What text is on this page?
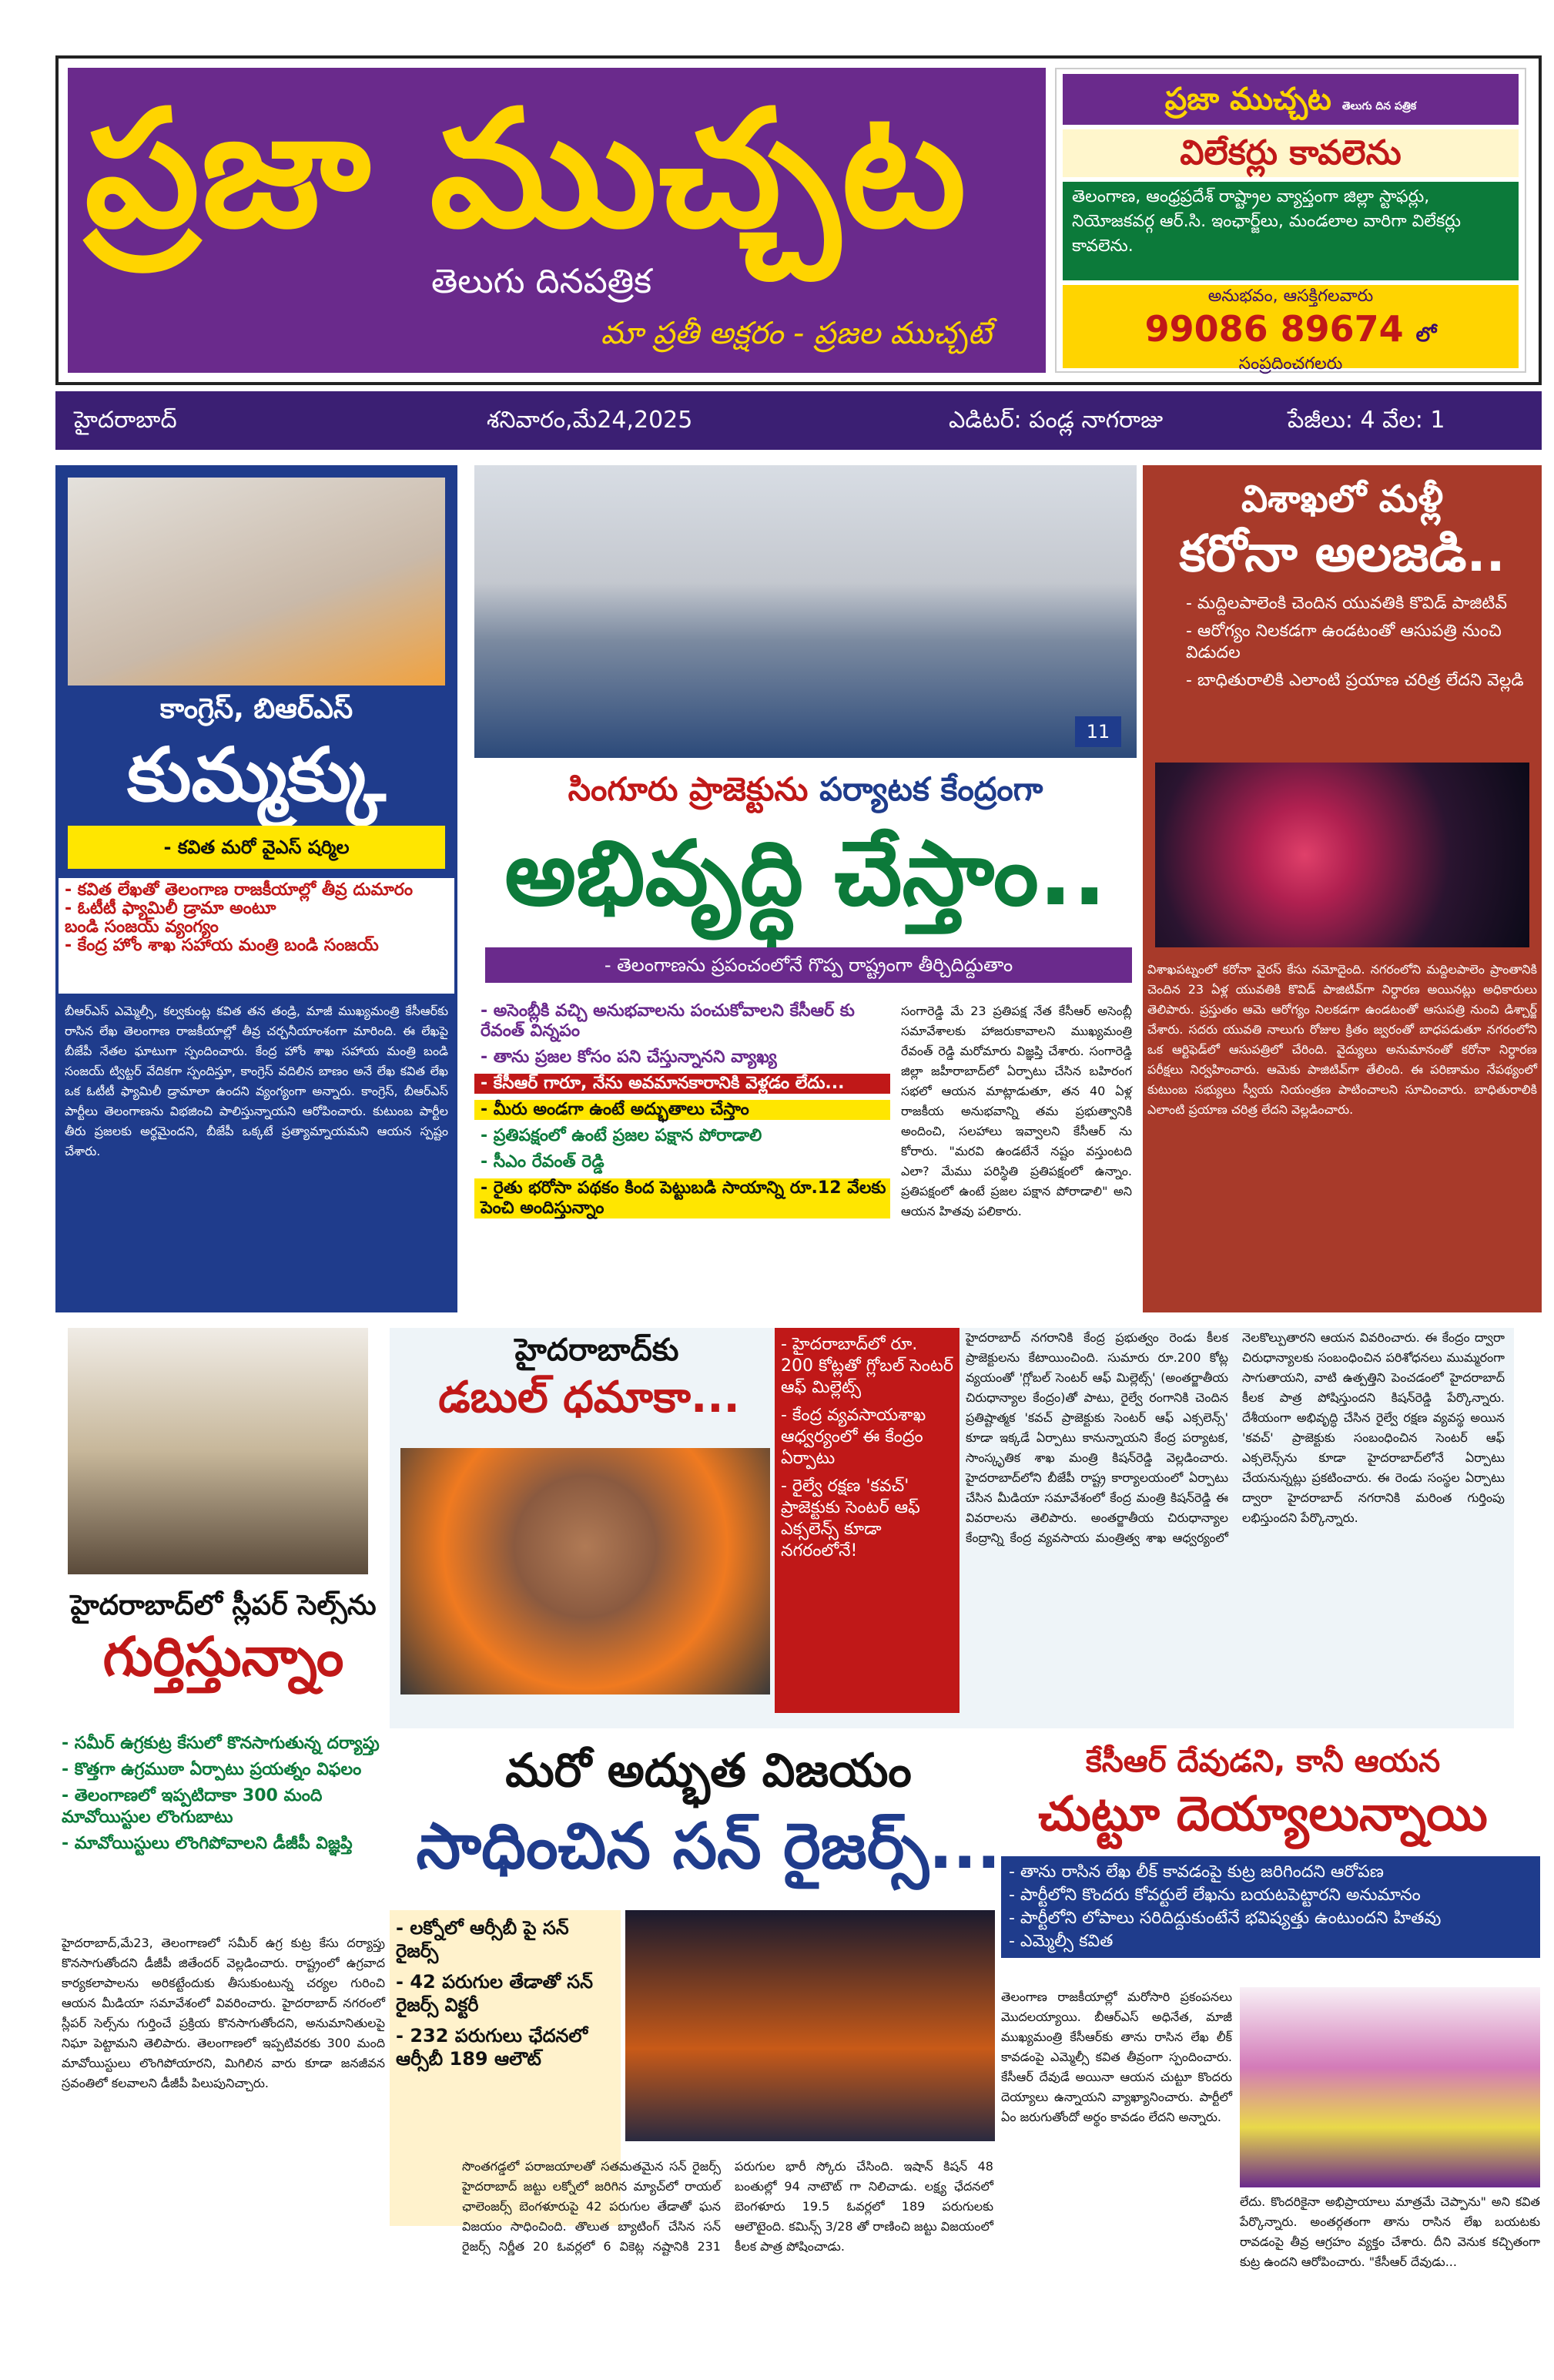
ప్రజా ముచ్చట
తెలుగు దినపత్రిక
మా ప్రతీ అక్షరం - ప్రజల ముచ్చటే
ప్రజా ముచ్చట తెలుగు దిన పత్రిక
విలేకర్లు కావలెను
తెలంగాణ, ఆంధ్రప్రదేశ్ రాష్ట్రాల వ్యాప్తంగా జిల్లా స్టాఫర్లు, నియోజకవర్గ ఆర్.సి. ఇంఛార్జ్‌లు, మండలాల వారిగా విలేకర్లు కావలెను.
అనుభవం, ఆసక్తిగలవారు
99086 89674 లో
సంప్రదించగలరు
హైదరాబాద్	శనివారం,మే24,2025	ఎడిటర్: పండ్ల నాగరాజు	పేజీలు: 4 వేల: 1
కాంగ్రెస్, బిఆర్ఎస్
కుమ్మక్కు
- కవిత మరో వైఎస్ షర్మిల
- కవిత లేఖతో తెలంగాణ రాజకీయాల్లో తీవ్ర దుమారం
- ఓటీటీ ఫ్యామిలీ డ్రామా అంటూ
బండి సంజయ్ వ్యంగ్యం
- కేంద్ర హోం శాఖ సహాయ మంత్రి బండి సంజయ్
బీఆర్ఎస్ ఎమ్మెల్సీ, కల్వకుంట్ల కవిత తన తండ్రి, మాజీ ముఖ్యమంత్రి కేసీఆర్‌కు రాసిన లేఖ తెలంగాణ రాజకీయాల్లో తీవ్ర చర్చనీయాంశంగా మారింది. ఈ లేఖపై బీజేపీ నేతల ఘాటుగా స్పందించారు. కేంద్ర హోం శాఖ సహాయ మంత్రి బండి సంజయ్ ట్విట్టర్ వేదికగా స్పందిస్తూ, కాంగ్రెస్ వదిలిన బాణం అనే లేఖ కవిత లేఖ ఒక ఓటీటీ ఫ్యామిలీ డ్రామాలా ఉందని వ్యంగ్యంగా అన్నారు. కాంగ్రెస్, బీఆర్ఎస్ పార్టీలు తెలంగాణను విభజించి పాలిస్తున్నాయని ఆరోపించారు. కుటుంబ పార్టీల తీరు ప్రజలకు అర్థమైందని, బీజేపీ ఒక్కటే ప్రత్యామ్నాయమని ఆయన స్పష్టం చేశారు.
11
సింగూరు ప్రాజెక్టును పర్యాటక కేంద్రంగా
అభివృద్ధి చేస్తాం..
- తెలంగాణను ప్రపంచంలోనే గొప్ప రాష్ట్రంగా తీర్చిదిద్దుతాం
- అసెంబ్లీకి వచ్చి అనుభవాలను పంచుకోవాలని కేసీఆర్ కు రేవంత్ విన్నపం
- తాను ప్రజల కోసం పని చేస్తున్నానని వ్యాఖ్య
- కేసీఆర్ గారూ, నేను అవమానకారానికి వెళ్లడం లేదు...
- మీరు అండగా ఉంటే అద్భుతాలు చేస్తాం
- ప్రతిపక్షంలో ఉంటే ప్రజల పక్షాన పోరాడాలి
- సీఎం రేవంత్ రెడ్డి
- రైతు భరోసా పథకం కింద పెట్టుబడి సాయాన్ని రూ.12 వేలకు పెంచి అందిస్తున్నాం
సంగారెడ్డి మే 23 ప్రతిపక్ష నేత కేసీఆర్ అసెంబ్లీ సమావేశాలకు హాజరుకావాలని ముఖ్యమంత్రి రేవంత్ రెడ్డి మరోమారు విజ్ఞప్తి చేశారు. సంగారెడ్డి జిల్లా జహీరాబాద్‌లో ఏర్పాటు చేసిన బహిరంగ సభలో ఆయన మాట్లాడుతూ, తన 40 ఏళ్ల రాజకీయ అనుభవాన్ని తమ ప్రభుత్వానికి అందించి, సలహాలు ఇవ్వాలని కేసీఆర్ ను కోరారు. "మరవి ఉండటేనే నష్టం వస్తుంటది ఎలా? మేము పరిస్థితి ప్రతిపక్షంలో ఉన్నాం. ప్రతిపక్షంలో ఉంటే ప్రజల పక్షాన పోరాడాలి" అని ఆయన హితవు పలికారు.
విశాఖలో మళ్లీ
కరోనా అలజడి..
- మద్దిలపాలెంకి చెందిన యువతికి కొవిడ్ పాజిటివ్
- ఆరోగ్యం నిలకడగా ఉండటంతో ఆసుపత్రి నుంచి విడుదల
- బాధితురాలికి ఎలాంటి ప్రయాణ చరిత్ర లేదని వెల్లడి
విశాఖపట్నంలో కరోనా వైరస్ కేసు నమోదైంది. నగరంలోని మద్దిలపాలెం ప్రాంతానికి చెందిన 23 ఏళ్ల యువతికి కొవిడ్ పాజిటివ్‌గా నిర్ధారణ అయినట్లు అధికారులు తెలిపారు. ప్రస్తుతం ఆమె ఆరోగ్యం నిలకడగా ఉండటంతో ఆసుపత్రి నుంచి డిశ్చార్జ్ చేశారు. సదరు యువతి నాలుగు రోజుల క్రితం జ్వరంతో బాధపడుతూ నగరంలోని ఒక ఆర్టిఫెడ్‌లో ఆసుపత్రిలో చేరింది. వైద్యులు అనుమానంతో కరోనా నిర్ధారణ పరీక్షలు నిర్వహించారు. ఆమెకు పాజిటివ్‌గా తేలింది. ఈ పరిణామం నేపథ్యంలో కుటుంబ సభ్యులు స్వీయ నియంత్రణ పాటించాలని సూచించారు. బాధితురాలికి ఎలాంటి ప్రయాణ చరిత్ర లేదని వెల్లడించారు.
హైదరాబాద్‌లో స్లీపర్ సెల్స్‌ను
గుర్తిస్తున్నాం
- సమీర్ ఉగ్రకుట్ర కేసులో కొనసాగుతున్న దర్యాప్తు
- కొత్తగా ఉగ్రముఠా ఏర్పాటు ప్రయత్నం విఫలం
- తెలంగాణలో ఇప్పటిదాకా 300 మంది మావోయిస్టుల లొంగుబాటు
- మావోయిస్టులు లొంగిపోవాలని డీజీపీ విజ్ఞప్తి
హైదరాబాద్,మే23, తెలంగాణలో సమీర్ ఉగ్ర కుట్ర కేసు దర్యాప్తు కొనసాగుతోందని డీజీపీ జితేందర్ వెల్లడించారు. రాష్ట్రంలో ఉగ్రవాద కార్యకలాపాలను అరికట్టేందుకు తీసుకుంటున్న చర్యల గురించి ఆయన మీడియా సమావేశంలో వివరించారు. హైదరాబాద్ నగరంలో స్లీపర్ సెల్స్‌ను గుర్తించే ప్రక్రియ కొనసాగుతోందని, అనుమానితులపై నిఘా పెట్టామని తెలిపారు. తెలంగాణలో ఇప్పటివరకు 300 మంది మావోయిస్టులు లొంగిపోయారని, మిగిలిన వారు కూడా జనజీవన స్రవంతిలో కలవాలని డీజీపీ పిలుపునిచ్చారు.
హైదరాబాద్‌కు
డబుల్ ధమాకా...
- హైదరాబాద్‌లో రూ. 200 కోట్లతో గ్లోబల్ సెంటర్ ఆఫ్ మిల్లెట్స్
- కేంద్ర వ్యవసాయశాఖ ఆధ్వర్యంలో ఈ కేంద్రం ఏర్పాటు
- రైల్వే రక్షణ 'కవచ్' ప్రాజెక్టుకు సెంటర్ ఆఫ్ ఎక్సలెన్స్ కూడా నగరంలోనే!
హైదరాబాద్ నగరానికి కేంద్ర ప్రభుత్వం రెండు కీలక ప్రాజెక్టులను కేటాయించింది. సుమారు రూ.200 కోట్ల వ్యయంతో 'గ్లోబల్ సెంటర్ ఆఫ్ మిల్లెట్స్' (అంతర్జాతీయ చిరుధాన్యాల కేంద్రం)తో పాటు, రైల్వే రంగానికి చెందిన ప్రతిష్టాత్మక 'కవచ్ ప్రాజెక్టుకు సెంటర్ ఆఫ్ ఎక్సలెన్స్' కూడా ఇక్కడే ఏర్పాటు కానున్నాయని కేంద్ర పర్యాటక, సాంస్కృతిక శాఖ మంత్రి కిషన్‌రెడ్డి వెల్లడించారు. హైదరాబాద్‌లోని బీజేపీ రాష్ట్ర కార్యాలయంలో ఏర్పాటు చేసిన మీడియా సమావేశంలో కేంద్ర మంత్రి కిషన్‌రెడ్డి ఈ వివరాలను తెలిపారు. అంతర్జాతీయ చిరుధాన్యాల కేంద్రాన్ని కేంద్ర వ్యవసాయ మంత్రిత్వ శాఖ ఆధ్వర్యంలో నెలకొల్పుతారని ఆయన వివరించారు. ఈ కేంద్రం ద్వారా చిరుధాన్యాలకు సంబంధించిన పరిశోధనలు ముమ్మరంగా సాగుతాయని, వాటి ఉత్పత్తిని పెంచడంలో హైదరాబాద్ కీలక పాత్ర పోషిస్తుందని కిషన్‌రెడ్డి పేర్కొన్నారు. దేశీయంగా అభివృద్ధి చేసిన రైల్వే రక్షణ వ్యవస్థ అయిన 'కవచ్' ప్రాజెక్టుకు సంబంధించిన సెంటర్ ఆఫ్ ఎక్సలెన్స్‌ను కూడా హైదరాబాద్‌లోనే ఏర్పాటు చేయనున్నట్లు ప్రకటించారు. ఈ రెండు సంస్థల ఏర్పాటు ద్వారా హైదరాబాద్ నగరానికి మరింత గుర్తింపు లభిస్తుందని పేర్కొన్నారు.
మరో అద్భుత విజయం
సాధించిన సన్ రైజర్స్...
- లక్నోలో ఆర్సీబీ పై సన్ రైజర్స్
- 42 పరుగుల తేడాతో సన్ రైజర్స్ విక్టరీ
- 232 పరుగులు ఛేదనలో ఆర్సీబీ 189 ఆలౌట్
సొంతగడ్డలో పరాజయాలతో సతమతమైన సన్ రైజర్స్ హైదరాబాద్ జట్టు లక్నోలో జరిగిన మ్యాచ్‌లో రాయల్ ఛాలెంజర్స్ బెంగళూరుపై 42 పరుగుల తేడాతో ఘన విజయం సాధించింది. తొలుత బ్యాటింగ్ చేసిన సన్ రైజర్స్ నిర్ణీత 20 ఓవర్లలో 6 వికెట్ల నష్టానికి 231 పరుగుల భారీ స్కోరు చేసింది. ఇషాన్ కిషన్ 48 బంతుల్లో 94 నాటౌట్ గా నిలిచాడు. లక్ష్య ఛేదనలో బెంగళూరు 19.5 ఓవర్లలో 189 పరుగులకు ఆలౌటైంది. కమిన్స్ 3/28 తో రాణించి జట్టు విజయంలో కీలక పాత్ర పోషించాడు.
కేసీఆర్ దేవుడని, కానీ ఆయన
చుట్టూ దెయ్యాలున్నాయి
- తాను రాసిన లేఖ లీక్ కావడంపై కుట్ర జరిగిందని ఆరోపణ
- పార్టీలోని కొందరు కోవర్టులే లేఖను బయటపెట్టారని అనుమానం
- పార్టీలోని లోపాలు సరిదిద్దుకుంటేనే భవిష్యత్తు ఉంటుందని హితవు
- ఎమ్మెల్సీ కవిత
తెలంగాణ రాజకీయాల్లో మరోసారి ప్రకంపనలు మొదలయ్యాయి. బీఆర్ఎస్ అధినేత, మాజీ ముఖ్యమంత్రి కేసీఆర్‌కు తాను రాసిన లేఖ లీక్ కావడంపై ఎమ్మెల్సీ కవిత తీవ్రంగా స్పందించారు. కేసీఆర్ దేవుడే అయినా ఆయన చుట్టూ కొందరు దెయ్యాలు ఉన్నాయని వ్యాఖ్యానించారు. పార్టీలో ఏం జరుగుతోందో అర్థం కావడం లేదని అన్నారు.
లేదు. కొందరికైనా అభిప్రాయాలు మాత్రమే చెప్పాను" అని కవిత పేర్కొన్నారు. అంతర్గతంగా తాను రాసిన లేఖ బయటకు రావడంపై తీవ్ర ఆగ్రహం వ్యక్తం చేశారు. దీని వెనుక కచ్చితంగా కుట్ర ఉందని ఆరోపించారు. "కేసీఆర్ దేవుడు...
